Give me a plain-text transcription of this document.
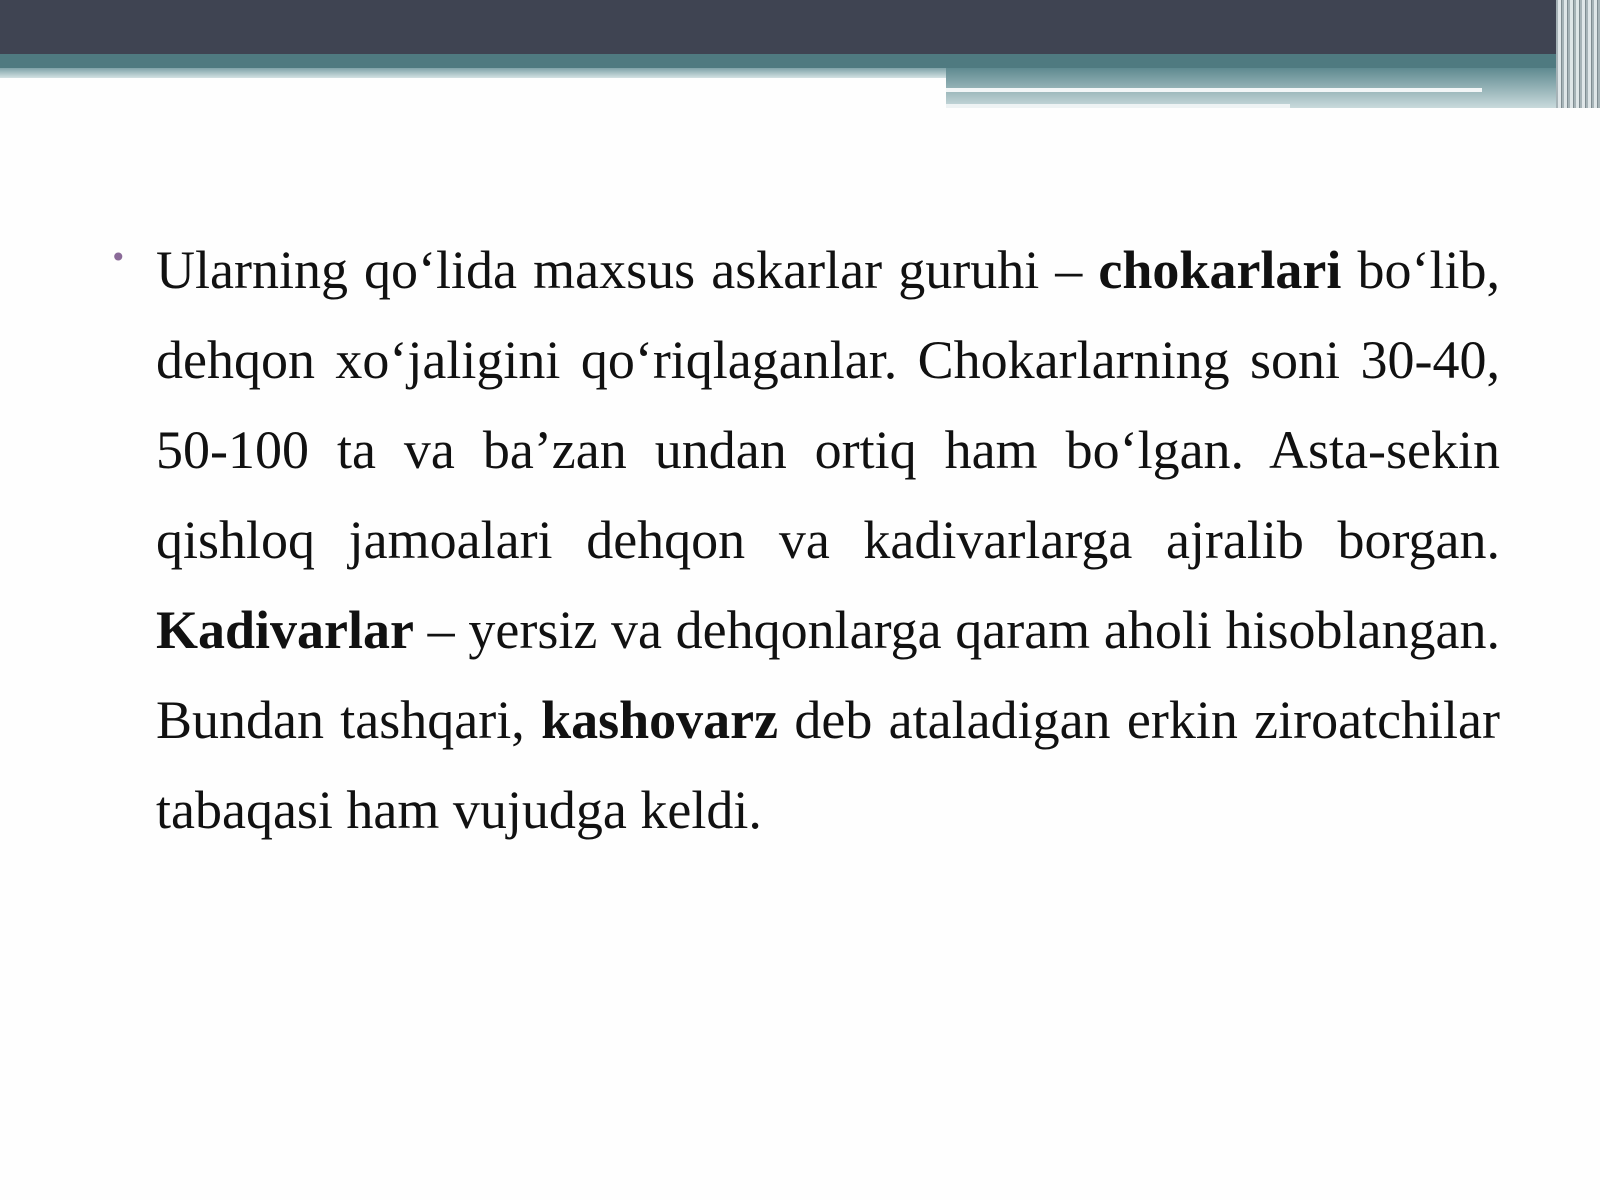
• Ularning qo‘lida maxsus askarlar guruhi – chokarlari bo‘lib, dehqon xo‘jaligini qo‘riqlaganlar. Chokarlarning soni 30-40, 50-100 ta va ba’zan undan ortiq ham bo‘lgan. Asta-sekin qishloq jamoalari dehqon va kadivarlarga ajralib borgan. Kadivarlar – yersiz va dehqonlarga qaram aholi hisoblangan. Bundan tashqari, kashovarz deb ataladigan erkin ziroatchilar tabaqasi ham vujudga keldi.
